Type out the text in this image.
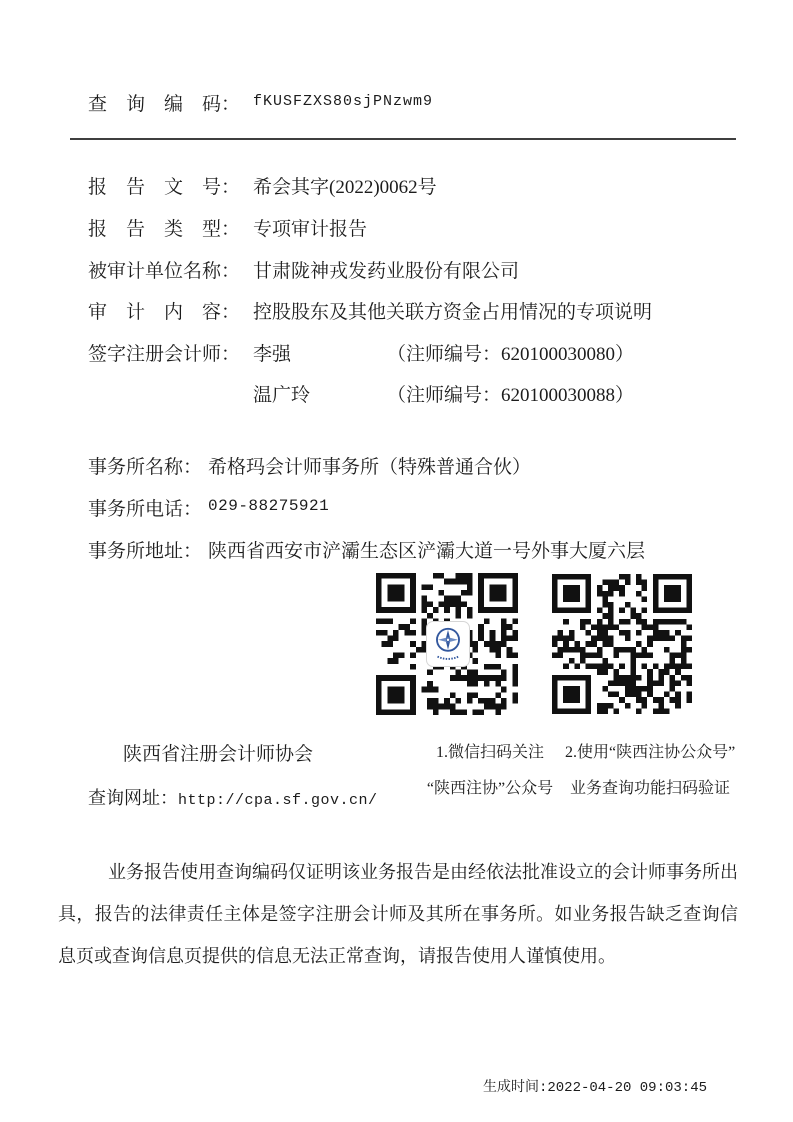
查询编码： fKUSFZXS80sjPNzwm9
报告文号： 希会其字(2022)0062号
报告类型： 专项审计报告
被审计单位名称： 甘肃陇神戎发药业股份有限公司
审计内容： 控股股东及其他关联方资金占用情况的专项说明
签字注册会计师： 李强	（注师编号：620100030080）
温广玲	（注师编号：620100030088）
事务所名称： 希格玛会计师事务所（特殊普通合伙）
事务所电话： 029-88275921
事务所地址： 陕西省西安市浐灞生态区浐灞大道一号外事大厦六层
陕西省注册会计师协会
查询网址：http://cpa.sf.gov.cn/
1.微信扫码关注
“陕西注协”公众号
2.使用“陕西注协公众号”
业务查询功能扫码验证
业务报告使用查询编码仅证明该业务报告是由经依法批准设立的会计师事务所出
具，报告的法律责任主体是签字注册会计师及其所在事务所。如业务报告缺乏查询信
息页或查询信息页提供的信息无法正常查询，请报告使用人谨慎使用。
生成时间:2022-04-20 09:03:45
